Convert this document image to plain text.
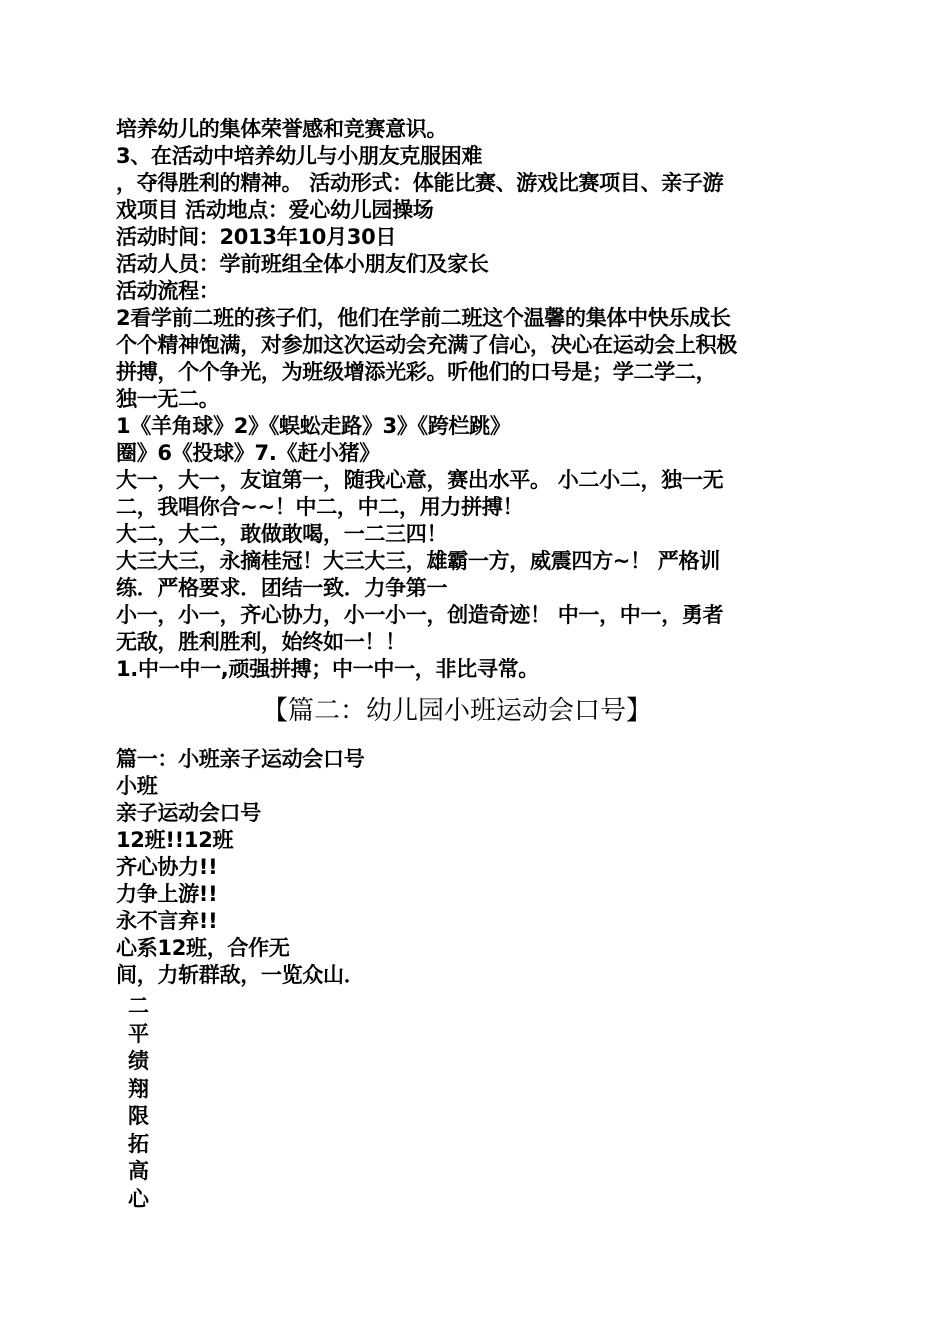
培养幼儿的集体荣誉感和竞赛意识。
3、在活动中培养幼儿与小朋友克服困难
，夺得胜利的精神。 活动形式：体能比赛、游戏比赛项目、亲子游
戏项目 活动地点：爱心幼儿园操场
活动时间：2013年10月30日
活动人员：学前班组全体小朋友们及家长
活动流程：
2看学前二班的孩子们，他们在学前二班这个温馨的集体中快乐成长
个个精神饱满，对参加这次运动会充满了信心，决心在运动会上积极
拼搏，个个争光，为班级增添光彩。听他们的口号是；学二学二，
独一无二。
1《羊角球》2》《蜈蚣走路》3》《跨栏跳》
圈》6《投球》7.《赶小猪》
大一，大一，友谊第一，随我心意，赛出水平。 小二小二，独一无
二，我唱你合~~！中二，中二，用力拼搏！
大二，大二，敢做敢喝，一二三四！
大三大三，永摘桂冠！大三大三，雄霸一方，威震四方~！ 严格训
练．严格要求．团结一致．力争第一
小一，小一，齐心协力，小一小一，创造奇迹！ 中一，中一，勇者
无敌，胜利胜利，始终如一！！
1.中一中一,顽强拼搏；中一中一，非比寻常。
【篇二：幼儿园小班运动会口号】
篇一：小班亲子运动会口号
小班
亲子运动会口号
12班!!12班
齐心协力!!
力争上游!!
永不言弃!!
心系12班，合作无
间，力斩群敌，一览众山．
二
平
绩
翔
限
拓
高
心
